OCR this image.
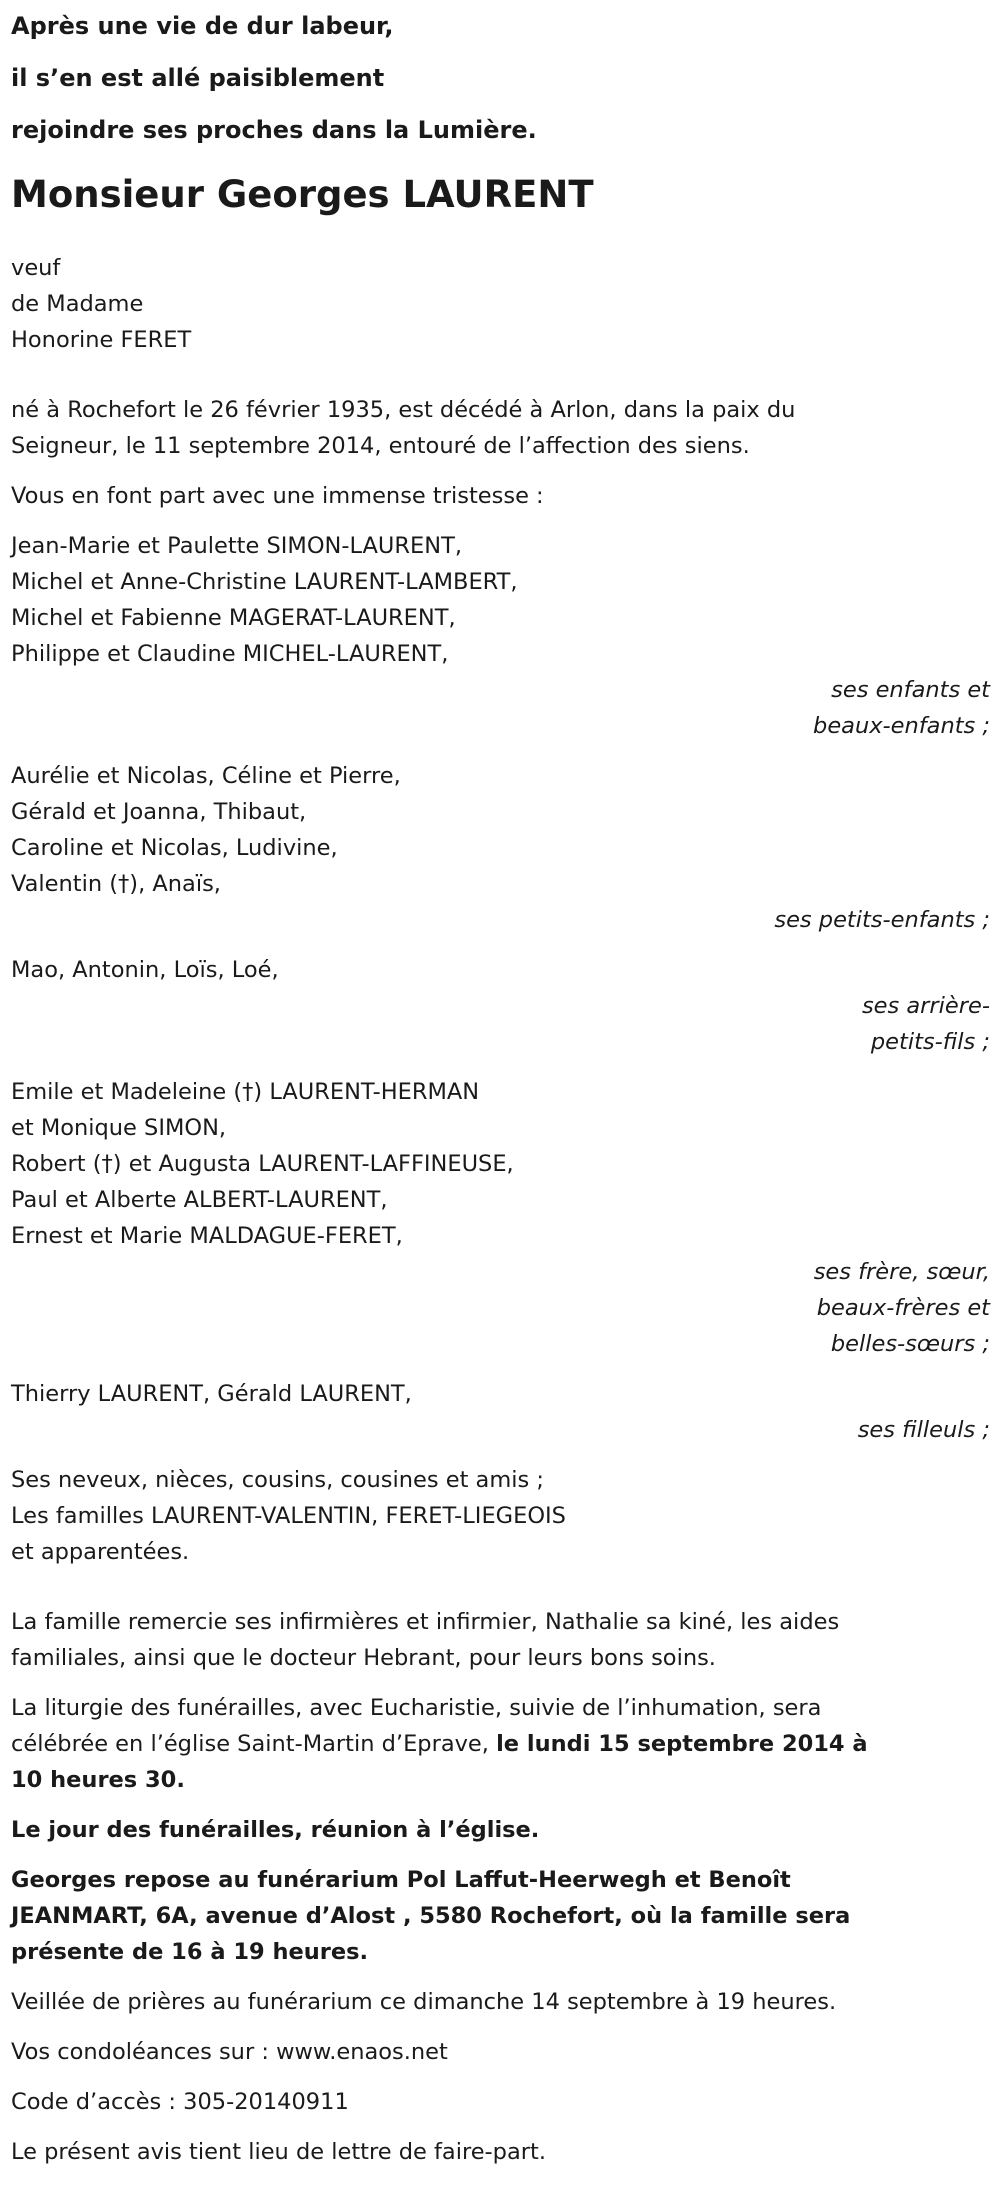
Après une vie de dur labeur,

il s’en est allé paisiblement

rejoindre ses proches dans la Lumière.

Monsieur Georges LAURENT

veuf

de Madame

Honorine FERET

né à Rochefort le 26 février 1935, est décédé à Arlon, dans la paix du

Seigneur, le 11 septembre 2014, entouré de l’affection des siens.

Vous en font part avec une immense tristesse :

Jean-Marie et Paulette SIMON-LAURENT,

Michel et Anne-Christine LAURENT-LAMBERT,

Michel et Fabienne MAGERAT-LAURENT,

Philippe et Claudine MICHEL-LAURENT,

ses enfants et

beaux-enfants ;

Aurélie et Nicolas, Céline et Pierre,

Gérald et Joanna, Thibaut,

Caroline et Nicolas, Ludivine,

Valentin (†), Anaïs,

ses petits-enfants ;

Mao, Antonin, Loïs, Loé,

ses arrière-

petits-fils ;

Emile et Madeleine (†) LAURENT-HERMAN

et Monique SIMON,

Robert (†) et Augusta LAURENT-LAFFINEUSE,

Paul et Alberte ALBERT-LAURENT,

Ernest et Marie MALDAGUE-FERET,

ses frère, sœur,

beaux-frères et

belles-sœurs ;

Thierry LAURENT, Gérald LAURENT,

ses filleuls ;

Ses neveux, nièces, cousins, cousines et amis ;

Les familles LAURENT-VALENTIN, FERET-LIEGEOIS

et apparentées.

La famille remercie ses infirmières et infirmier, Nathalie sa kiné, les aides

familiales, ainsi que le docteur Hebrant, pour leurs bons soins.

La liturgie des funérailles, avec Eucharistie, suivie de l’inhumation, sera

célébrée en l’église Saint-Martin d’Eprave, le lundi 15 septembre 2014 à

10 heures 30.

Le jour des funérailles, réunion à l’église.

Georges repose au funérarium Pol Laffut-Heerwegh et Benoît

JEANMART, 6A, avenue d’Alost , 5580 Rochefort, où la famille sera

présente de 16 à 19 heures.

Veillée de prières au funérarium ce dimanche 14 septembre à 19 heures.

Vos condoléances sur : www.enaos.net

Code d’accès : 305-20140911

Le présent avis tient lieu de lettre de faire-part.
